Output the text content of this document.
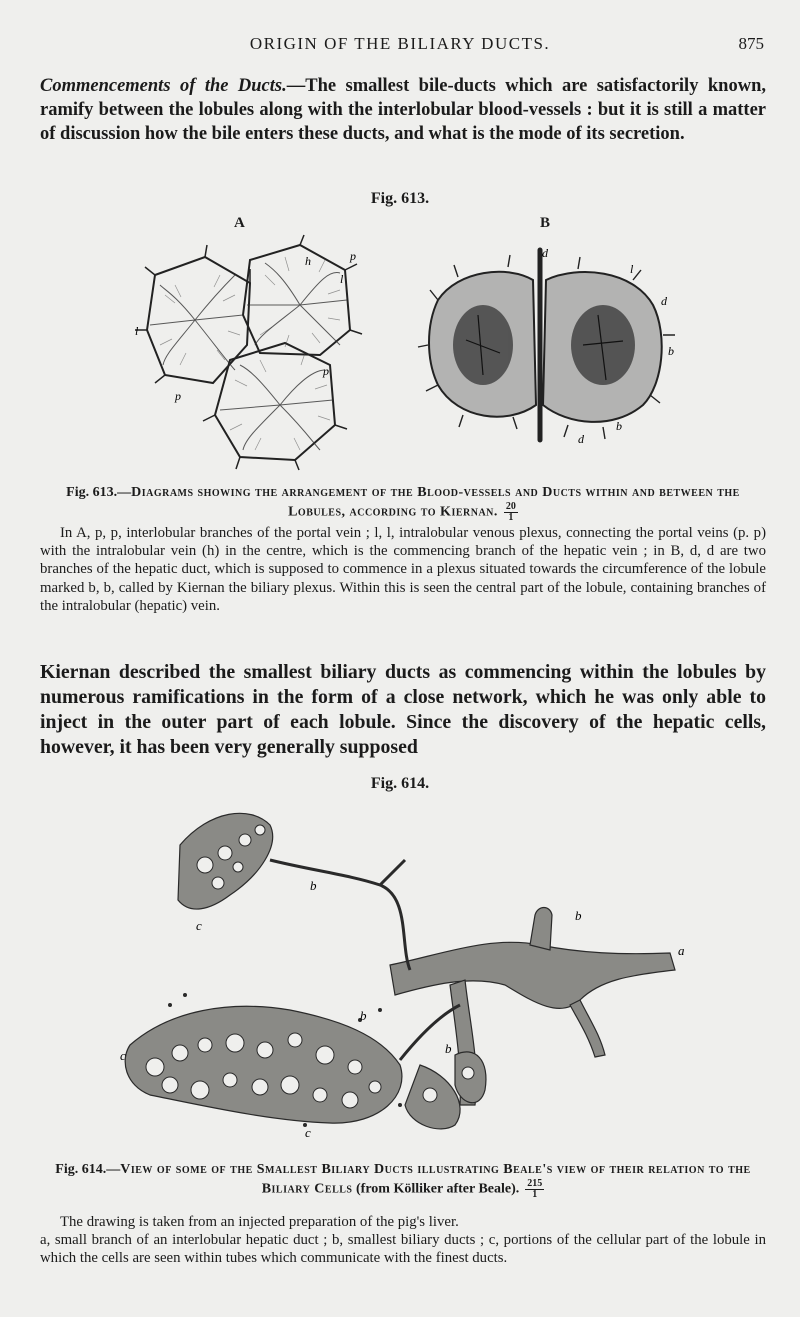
ORIGIN OF THE BILIARY DUCTS.	875
Commencements of the Ducts.—The smallest bile-ducts which are satisfactorily known, ramify between the lobules along with the interlobular blood-vessels : but it is still a matter of discussion how the bile enters these ducts, and what is the mode of its secretion.
Fig. 613.
A	B
l
p
p
l
p
h
d
d
d
b
b
l
Fig. 613.—Diagrams showing the arrangement of the Blood-vessels and Ducts within and between the Lobules, according to Kiernan. $\frac{20}{1}$

In A, p, p, interlobular branches of the portal vein ; l, l, intralobular venous plexus, connecting the portal veins (p. p) with the intralobular vein (h) in the centre, which is the commencing branch of the hepatic vein ; in B, d, d are two branches of the hepatic duct, which is supposed to commence in a plexus situated towards the circumference of the lobule marked b, b, called by Kiernan the biliary plexus. Within this is seen the central part of the lobule, containing branches of the intralobular (hepatic) vein.

Kiernan described the smallest biliary ducts as commencing within the lobules by numerous ramifications in the form of a close network, which he was only able to inject in the outer part of each lobule. Since the discovery of the hepatic cells, however, it has been very generally supposed
Fig. 614.
a
b
b
b
b
c
c
c
Fig. 614.—View of some of the Smallest Biliary Ducts illustrating Beale's view of their relation to the Biliary Cells (from Kölliker after Beale). $\frac{215}{1}$

The drawing is taken from an injected preparation of the pig's liver.

a, small branch of an interlobular hepatic duct ; b, smallest biliary ducts ; c, portions of the cellular part of the lobule in which the cells are seen within tubes which communicate with the finest ducts.
